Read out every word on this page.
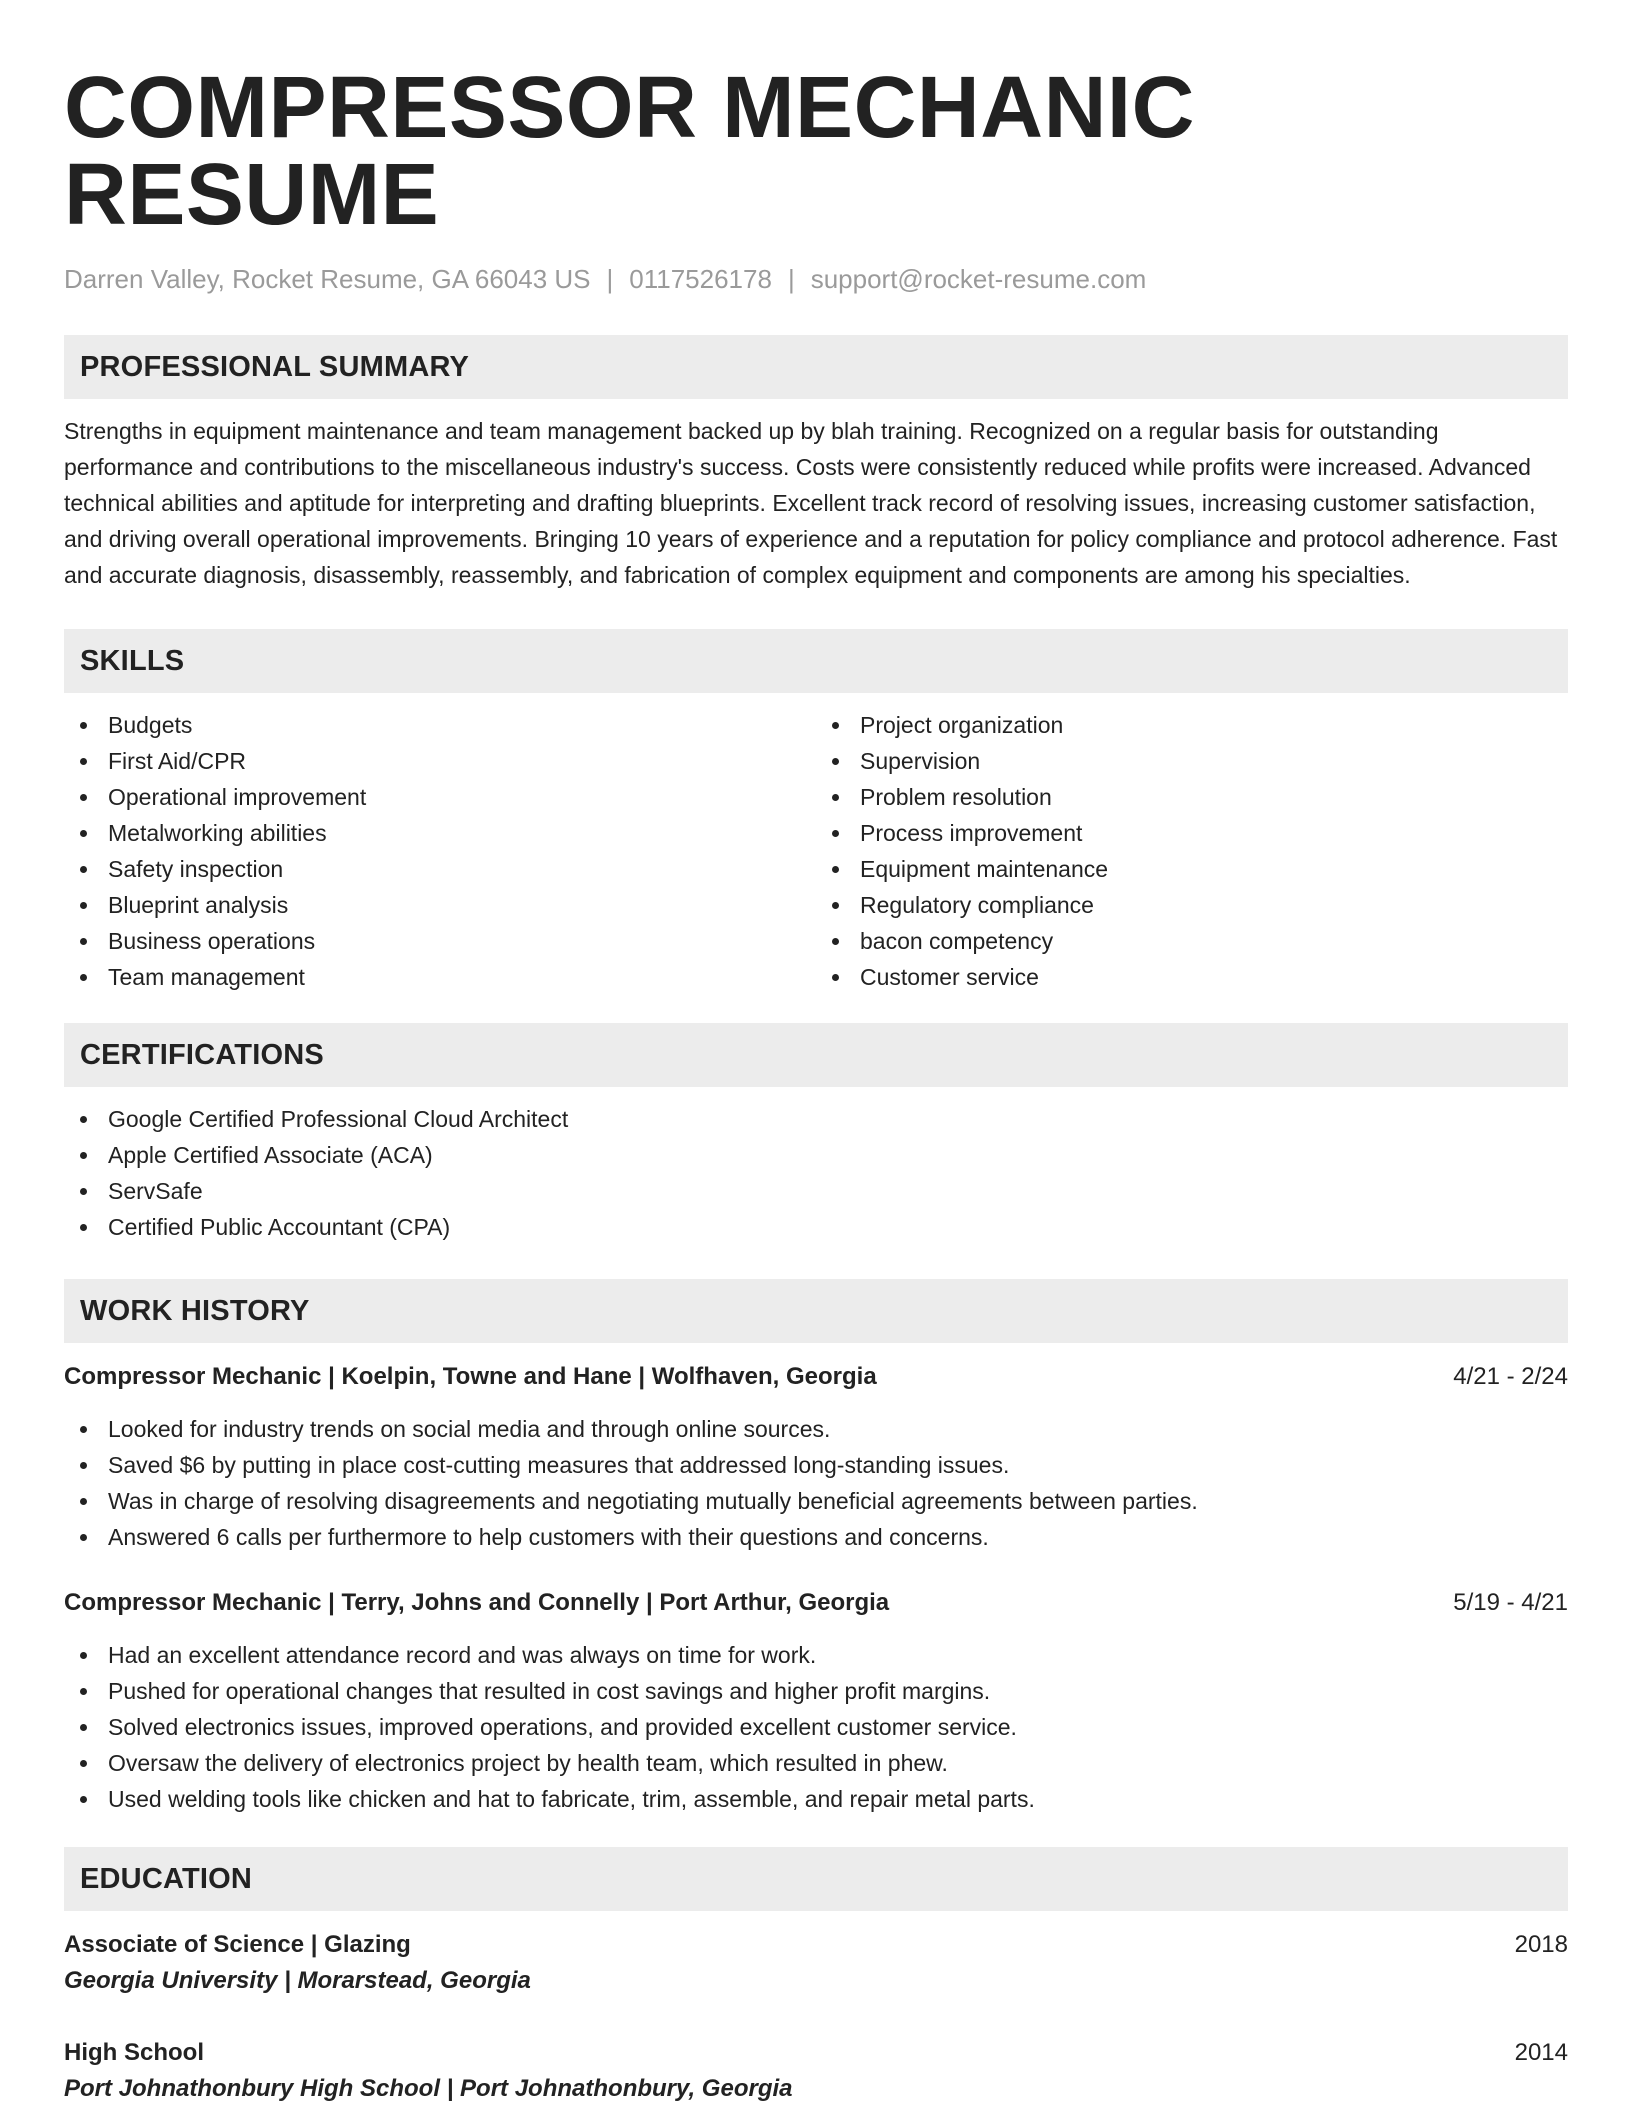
COMPRESSOR MECHANIC RESUME
Darren Valley, Rocket Resume, GA 66043 US | 0117526178 | support@rocket-resume.com
PROFESSIONAL SUMMARY
Strengths in equipment maintenance and team management backed up by blah training. Recognized on a regular basis for outstanding performance and contributions to the miscellaneous industry's success. Costs were consistently reduced while profits were increased. Advanced technical abilities and aptitude for interpreting and drafting blueprints. Excellent track record of resolving issues, increasing customer satisfaction, and driving overall operational improvements. Bringing 10 years of experience and a reputation for policy compliance and protocol adherence. Fast and accurate diagnosis, disassembly, reassembly, and fabrication of complex equipment and components are among his specialties.
SKILLS
Budgets
First Aid/CPR
Operational improvement
Metalworking abilities
Safety inspection
Blueprint analysis
Business operations
Team management
Project organization
Supervision
Problem resolution
Process improvement
Equipment maintenance
Regulatory compliance
bacon competency
Customer service
CERTIFICATIONS
Google Certified Professional Cloud Architect
Apple Certified Associate (ACA)
ServSafe
Certified Public Accountant (CPA)
WORK HISTORY
Compressor Mechanic | Koelpin, Towne and Hane | Wolfhaven, Georgia	4/21 - 2/24
Looked for industry trends on social media and through online sources.
Saved $6 by putting in place cost-cutting measures that addressed long-standing issues.
Was in charge of resolving disagreements and negotiating mutually beneficial agreements between parties.
Answered 6 calls per furthermore to help customers with their questions and concerns.
Compressor Mechanic | Terry, Johns and Connelly | Port Arthur, Georgia	5/19 - 4/21
Had an excellent attendance record and was always on time for work.
Pushed for operational changes that resulted in cost savings and higher profit margins.
Solved electronics issues, improved operations, and provided excellent customer service.
Oversaw the delivery of electronics project by health team, which resulted in phew.
Used welding tools like chicken and hat to fabricate, trim, assemble, and repair metal parts.
EDUCATION
Associate of Science | Glazing	2018
Georgia University | Morarstead, Georgia
High School	2014
Port Johnathonbury High School | Port Johnathonbury, Georgia
